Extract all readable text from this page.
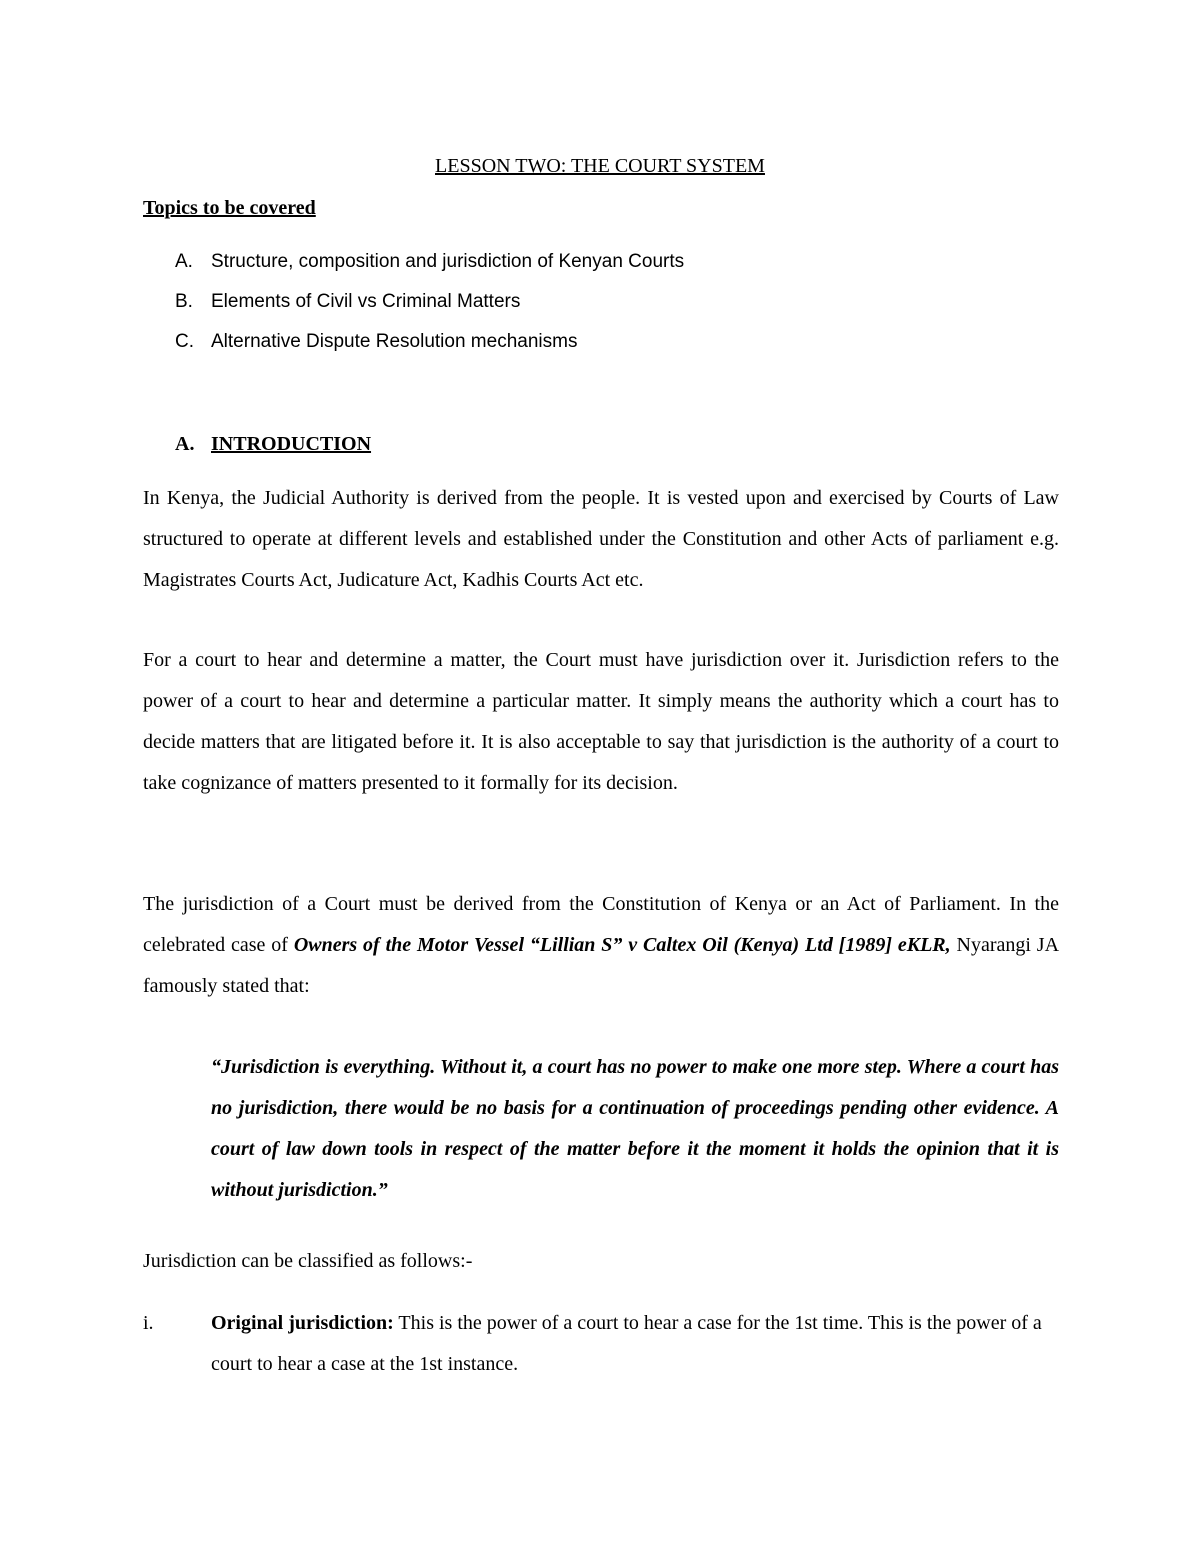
LESSON TWO: THE COURT SYSTEM
Topics to be covered
A. Structure, composition and jurisdiction of Kenyan Courts
B. Elements of Civil vs Criminal Matters
C. Alternative Dispute Resolution mechanisms
A. INTRODUCTION

In Kenya, the Judicial Authority is derived from the people. It is vested upon and exercised by Courts of Law structured to operate at different levels and established under the Constitution and other Acts of parliament e.g. Magistrates Courts Act, Judicature Act, Kadhis Courts Act etc.

For a court to hear and determine a matter, the Court must have jurisdiction over it. Jurisdiction refers to the power of a court to hear and determine a particular matter. It simply means the authority which a court has to decide matters that are litigated before it. It is also acceptable to say that jurisdiction is the authority of a court to take cognizance of matters presented to it formally for its decision.

The jurisdiction of a Court must be derived from the Constitution of Kenya or an Act of Parliament. In the celebrated case of Owners of the Motor Vessel “Lillian S” v Caltex Oil (Kenya) Ltd [1989] eKLR, Nyarangi JA famously stated that:

“Jurisdiction is everything. Without it, a court has no power to make one more step. Where a court has no jurisdiction, there would be no basis for a continuation of proceedings pending other evidence. A court of law down tools in respect of the matter before it the moment it holds the opinion that it is without jurisdiction.”

Jurisdiction can be classified as follows:-

i.	Original jurisdiction: This is the power of a court to hear a case for the 1st time. This is the power of a court to hear a case at the 1st instance.
